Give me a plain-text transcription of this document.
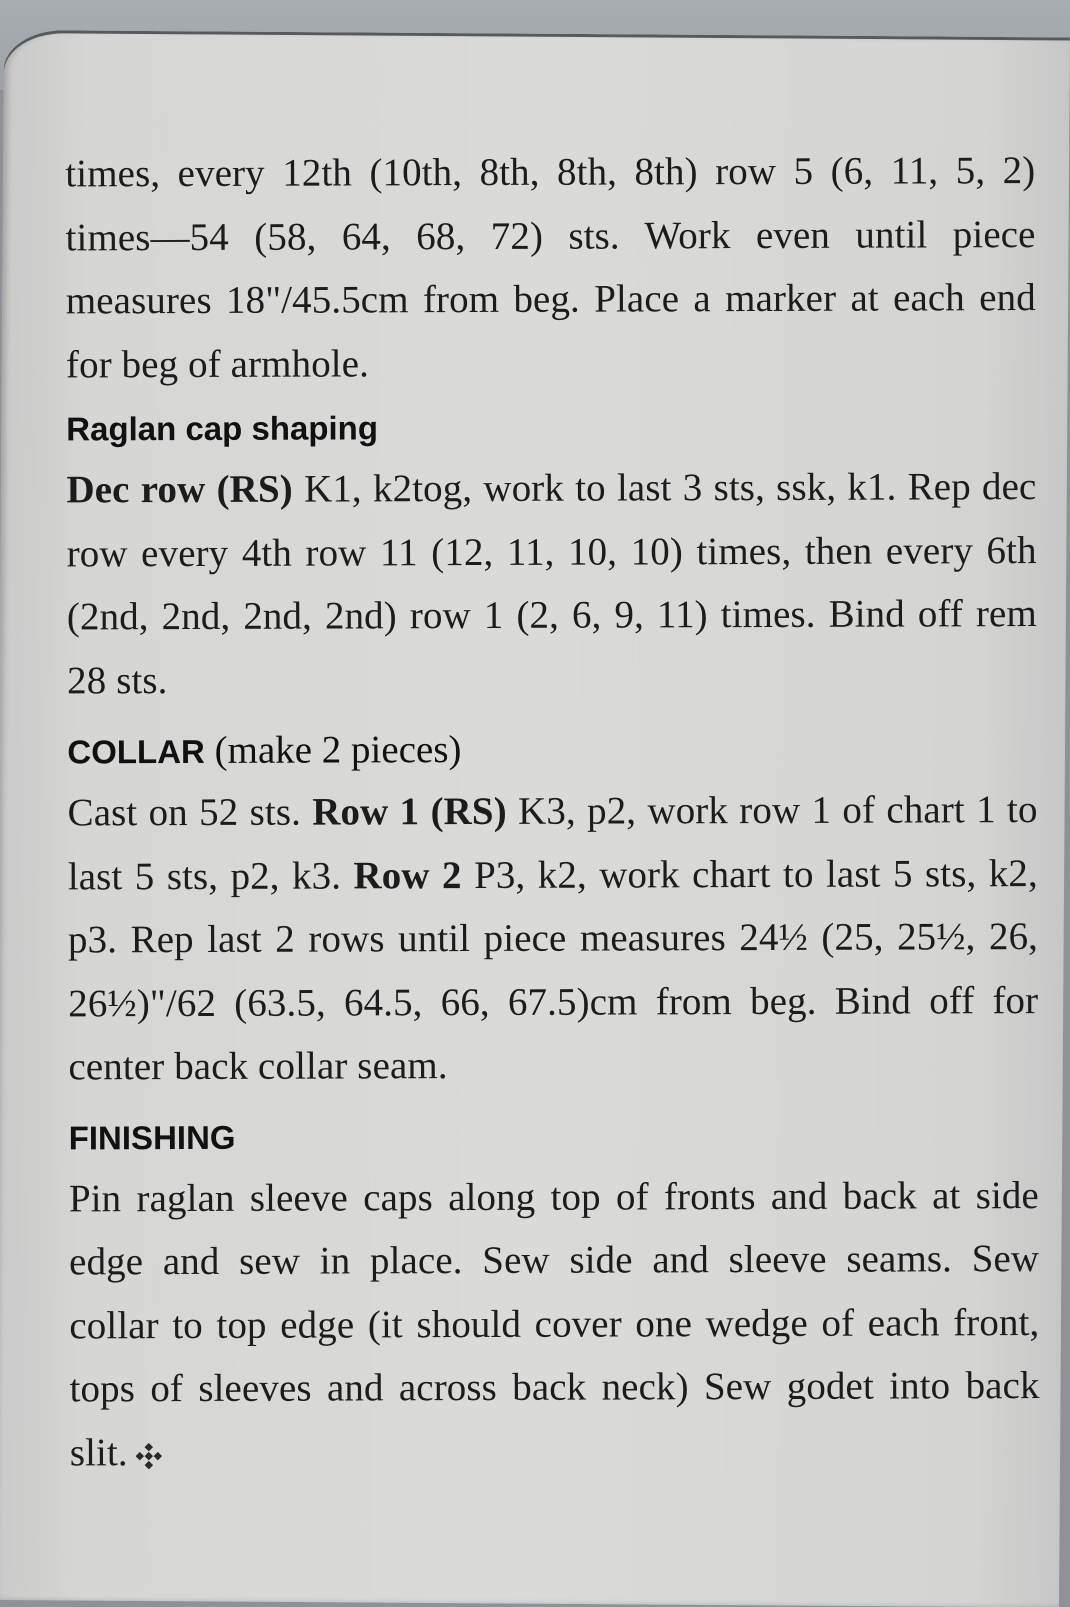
times, every 12th (10th, 8th, 8th, 8th) row 5 (6, 11, 5, 2) times—54 (58, 64, 68, 72) sts. Work even until piece measures 18"/45.5cm from beg. Place a marker at each end for beg of armhole.

Raglan cap shaping

Dec row (RS) K1, k2tog, work to last 3 sts, ssk, k1. Rep dec row every 4th row 11 (12, 11, 10, 10) times, then every 6th (2nd, 2nd, 2nd, 2nd) row 1 (2, 6, 9, 11) times. Bind off rem 28 sts.

COLLAR (make 2 pieces)

Cast on 52 sts. Row 1 (RS) K3, p2, work row 1 of chart 1 to last 5 sts, p2, k3. Row 2 P3, k2, work chart to last 5 sts, k2, p3. Rep last 2 rows until piece measures 24½ (25, 25½, 26, 26½)"/62 (63.5, 64.5, 66, 67.5)cm from beg. Bind off for center back collar seam.

FINISHING

Pin raglan sleeve caps along top of fronts and back at side edge and sew in place. Sew side and sleeve seams. Sew collar to top edge (it should cover one wedge of each front, tops of sleeves and across back neck) Sew godet into back slit.
